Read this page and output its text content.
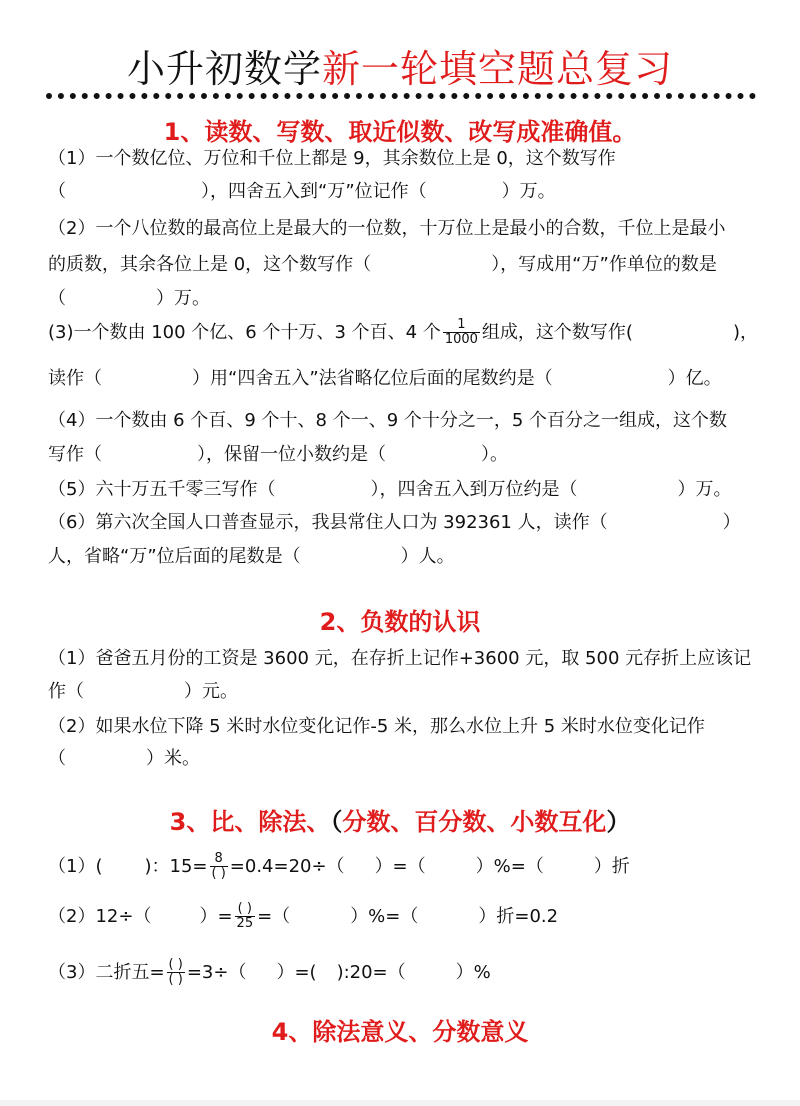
小升初数学新一轮填空题总复习
1、读数、写数、取近似数、改写成准确值。
（1）一个数亿位、万位和千位上都是 9，其余数位上是 0，这个数写作
（	），四舍五入到“万”位记作（	）万。
（2）一个八位数的最高位上是最大的一位数，十万位上是最小的合数，千位上是最小
的质数，其余各位上是 0，这个数写作（	），写成用“万”作单位的数是
（	）万。
(3)一个数由 100 个亿、6 个十万、3 个百、4 个 $\frac{1}{1000}$ 组成，这个数写作(	)，
读作（	）用“四舍五入”法省略亿位后面的尾数约是（	）亿。
（4）一个数由 6 个百、9 个十、8 个一、9 个十分之一，5 个百分之一组成，这个数
写作（	），保留一位小数约是（	）。
（5）六十万五千零三写作（	），四舍五入到万位约是（	）万。
（6）第六次全国人口普查显示，我县常住人口为 392361 人，读作（	）
人，省略“万”位后面的尾数是（	）人。
2、负数的认识
（1）爸爸五月份的工资是 3600 元，在存折上记作+3600 元，取 500 元存折上应该记
作（	）元。
（2）如果水位下降 5 米时水位变化记作-5 米，那么水位上升 5 米时水位变化记作
（	）米。
3、比、除法、（分数、百分数、小数互化）
（1）( )：$15= \frac{8}{( )} =0.4=20\div$（ ）=（	）%=（	）折
（2）12÷（	）= $\frac{( )}{25}$ =（	）%=（	）折=0.2
（3）二折五= $\frac{( )}{( )} =3\div$（ ）=( ):20=（	）%
4、除法意义、分数意义
